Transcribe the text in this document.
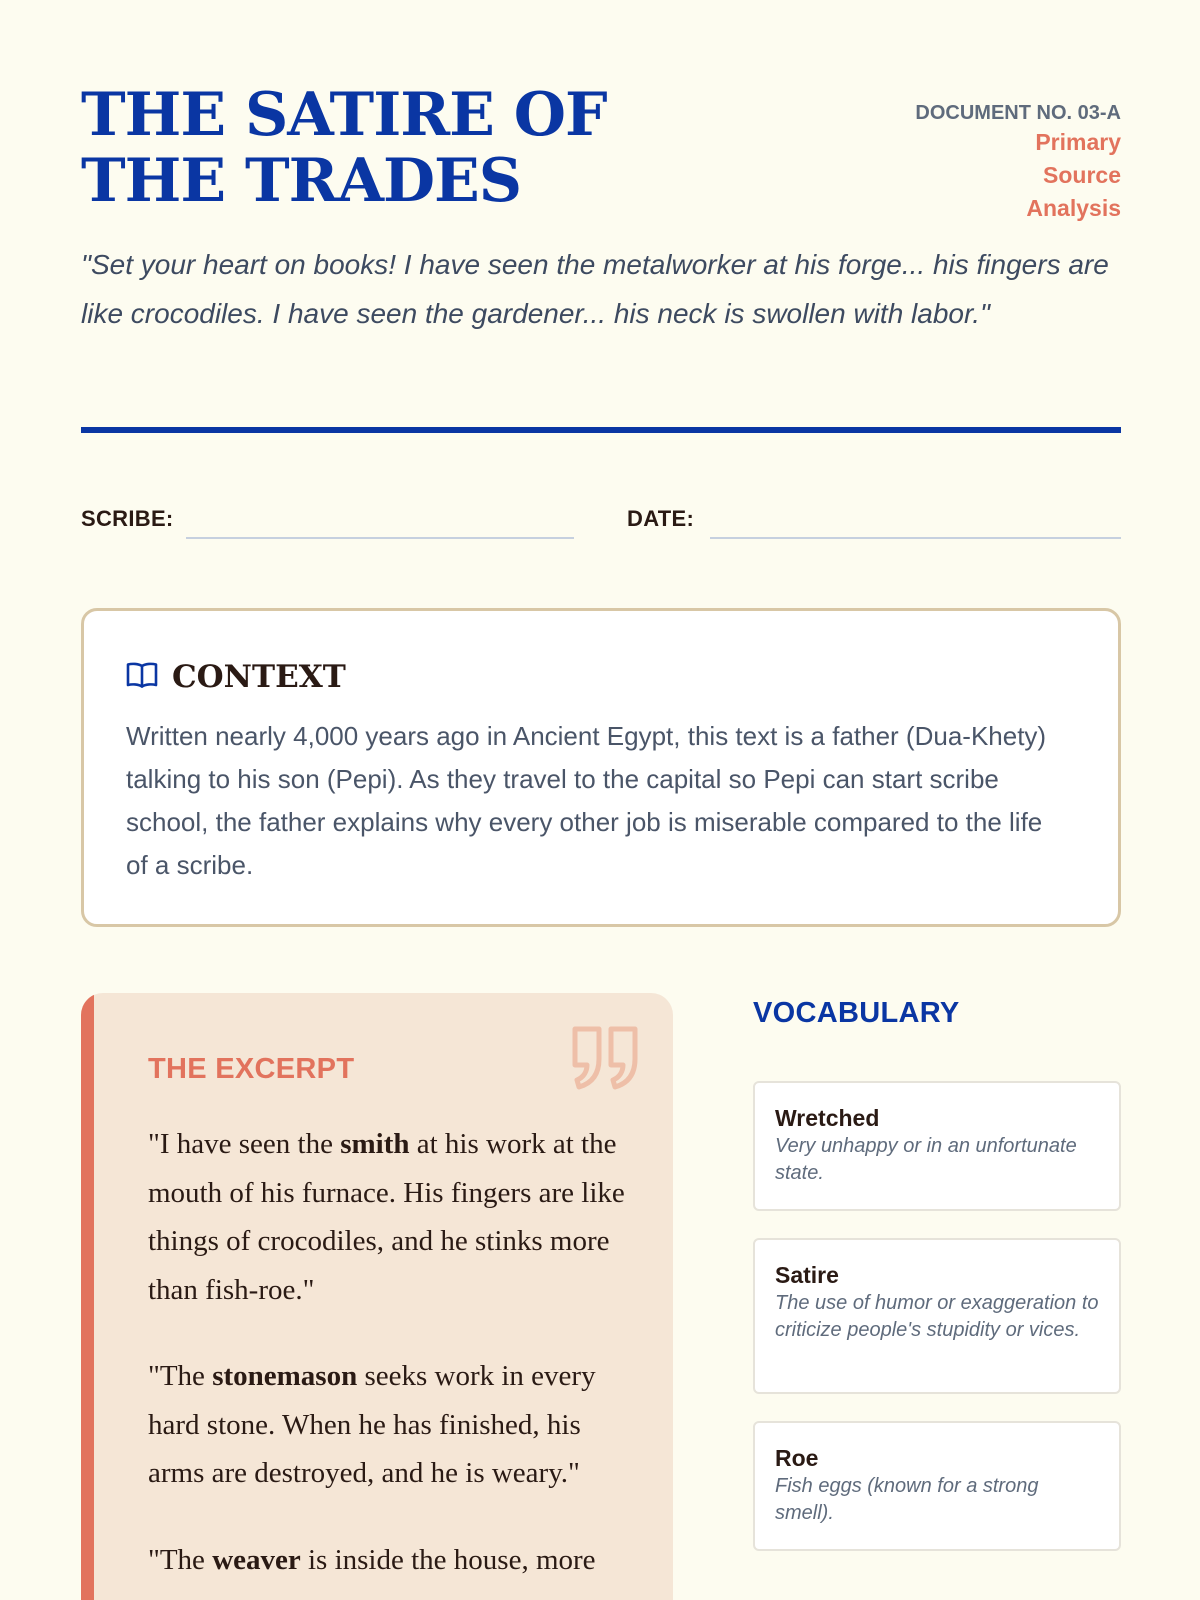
THE SATIRE OF THE TRADES
DOCUMENT NO. 03-A
Primary Source Analysis

"Set your heart on books! I have seen the metalworker at his forge... his fingers are like crocodiles. I have seen the gardener... his neck is swollen with labor."

SCRIBE:	DATE:
CONTEXT

Written nearly 4,000 years ago in Ancient Egypt, this text is a father (Dua-Khety) talking to his son (Pepi). As they travel to the capital so Pepi can start scribe school, the father explains why every other job is miserable compared to the life of a scribe.

THE EXCERPT

"I have seen the smith at his work at the mouth of his furnace. His fingers are like things of crocodiles, and he stinks more than fish-roe."

"The stonemason seeks work in every hard stone. When he has finished, his arms are destroyed, and he is weary."

"The weaver is inside the house, more

VOCABULARY
Wretched
Very unhappy or in an unfortunate state.
Satire
The use of humor or exaggeration to criticize people's stupidity or vices.
Roe
Fish eggs (known for a strong smell).
